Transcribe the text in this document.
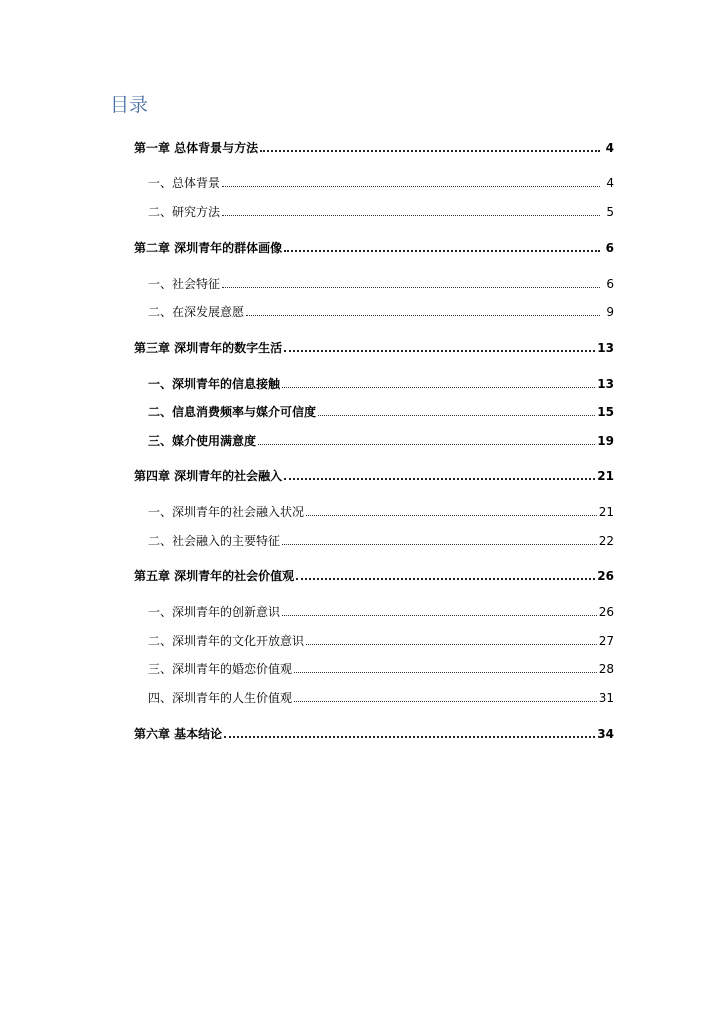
目录
第一章 总体背景与方法	4
一、总体背景	4
二、研究方法	5
第二章 深圳青年的群体画像	6
一、社会特征	6
二、在深发展意愿	9
第三章 深圳青年的数字生活	13
一、深圳青年的信息接触	13
二、信息消费频率与媒介可信度	15
三、媒介使用满意度	19
第四章 深圳青年的社会融入	21
一、深圳青年的社会融入状况	21
二、社会融入的主要特征	22
第五章 深圳青年的社会价值观	26
一、深圳青年的创新意识	26
二、深圳青年的文化开放意识	27
三、深圳青年的婚恋价值观	28
四、深圳青年的人生价值观	31
第六章 基本结论	34
